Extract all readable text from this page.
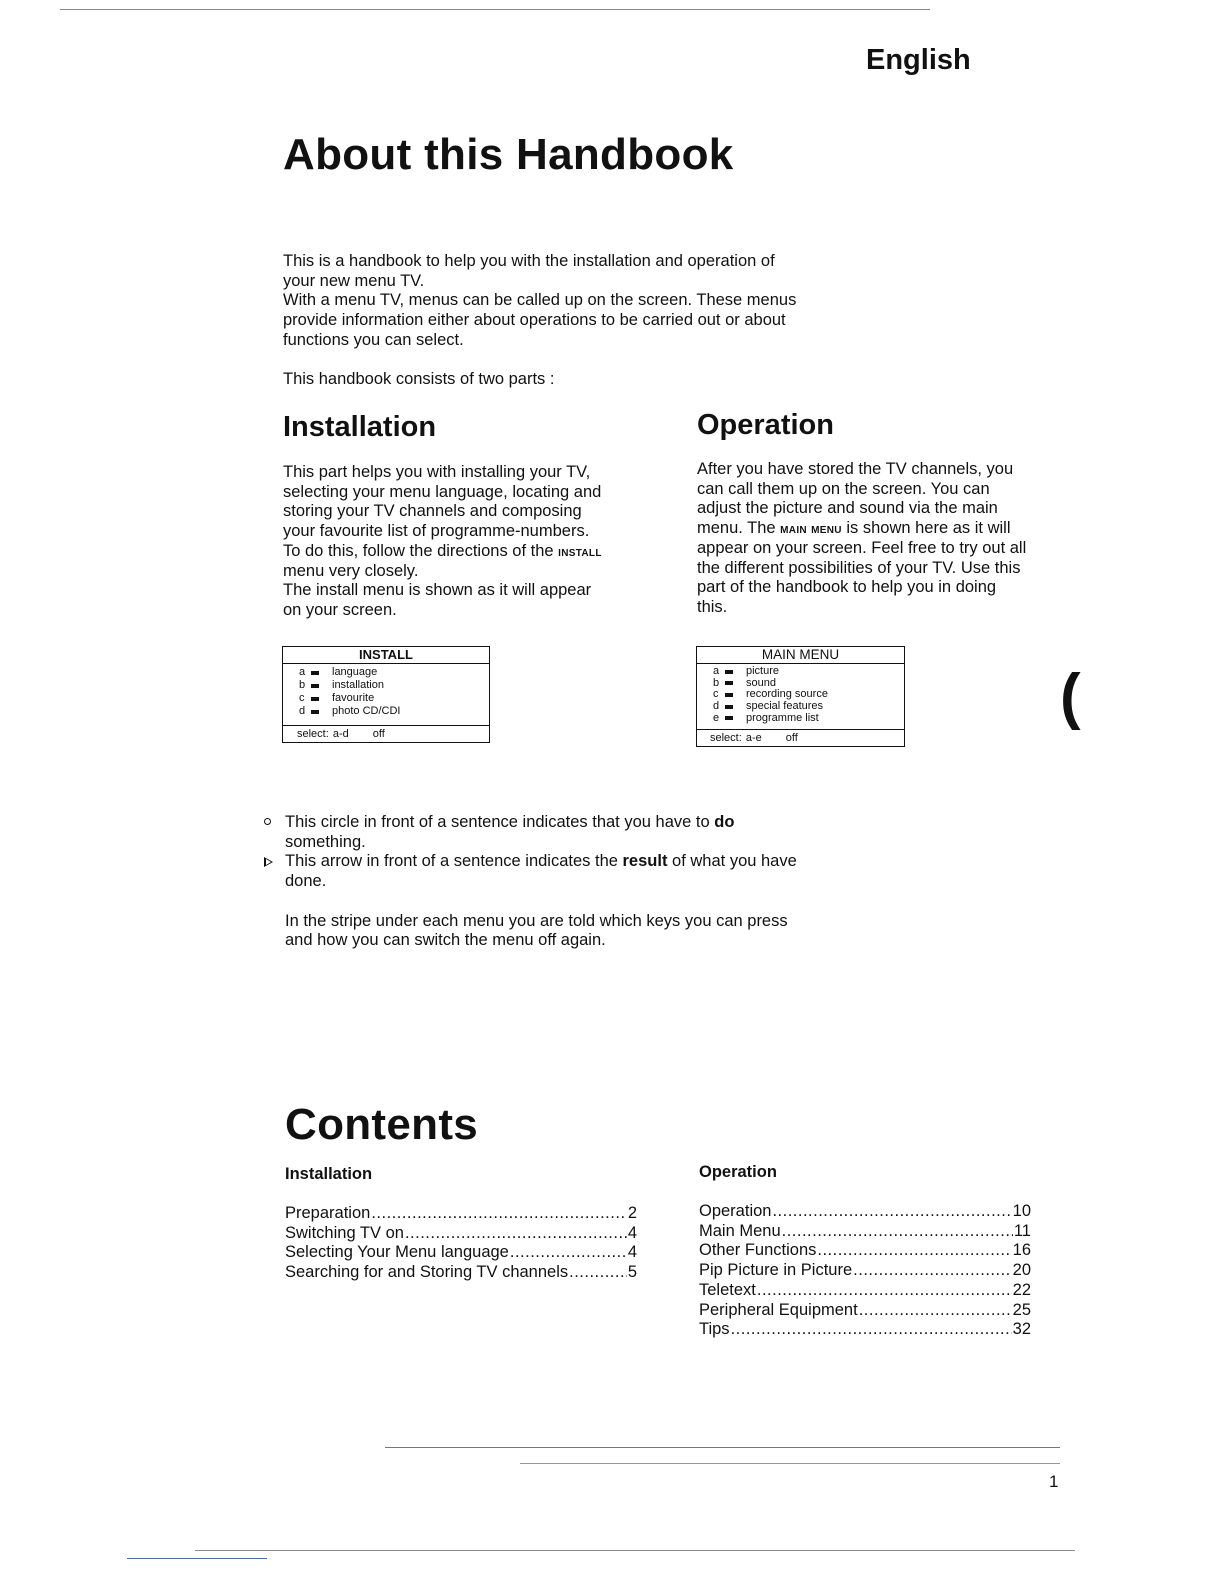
English
About this Handbook
This is a handbook to help you with the installation and operation of
your new menu TV.
With a menu TV, menus can be called up on the screen. These menus
provide information either about operations to be carried out or about
functions you can select.
This handbook consists of two parts :
Installation
This part helps you with installing your TV,
selecting your menu language, locating and
storing your TV channels and composing
your favourite list of programme-numbers.
To do this, follow the directions of the install
menu very closely.
The install menu is shown as it will appear
on your screen.
Operation
After you have stored the TV channels, you
can call them up on the screen. You can
adjust the picture and sound via the main
menu. The main menu is shown here as it will
appear on your screen. Feel free to try out all
the different possibilities of your TV. Use this
part of the handbook to help you in doing
this.
INSTALL
a	language
b	installation
c	favourite
d	photo CD/CDI
select: a-d off
MAIN MENU
a	picture
b	sound
c	recording source
d	special features
e	programme list
select: a-e off
(
This circle in front of a sentence indicates that you have to do
something.
This arrow in front of a sentence indicates the result of what you have
done.
In the stripe under each menu you are told which keys you can press
and how you can switch the menu off again.
Contents
Installation	Operation
Preparation .....	2
Switching TV on .....	4
Selecting Your Menu language .....	4
Searching for and Storing TV channels .....	5
Operation .....	10
Main Menu .....	11
Other Functions .....	16
Pip Picture in Picture .....	20
Teletext .....	22
Peripheral Equipment .....	25
Tips .....	32
1
